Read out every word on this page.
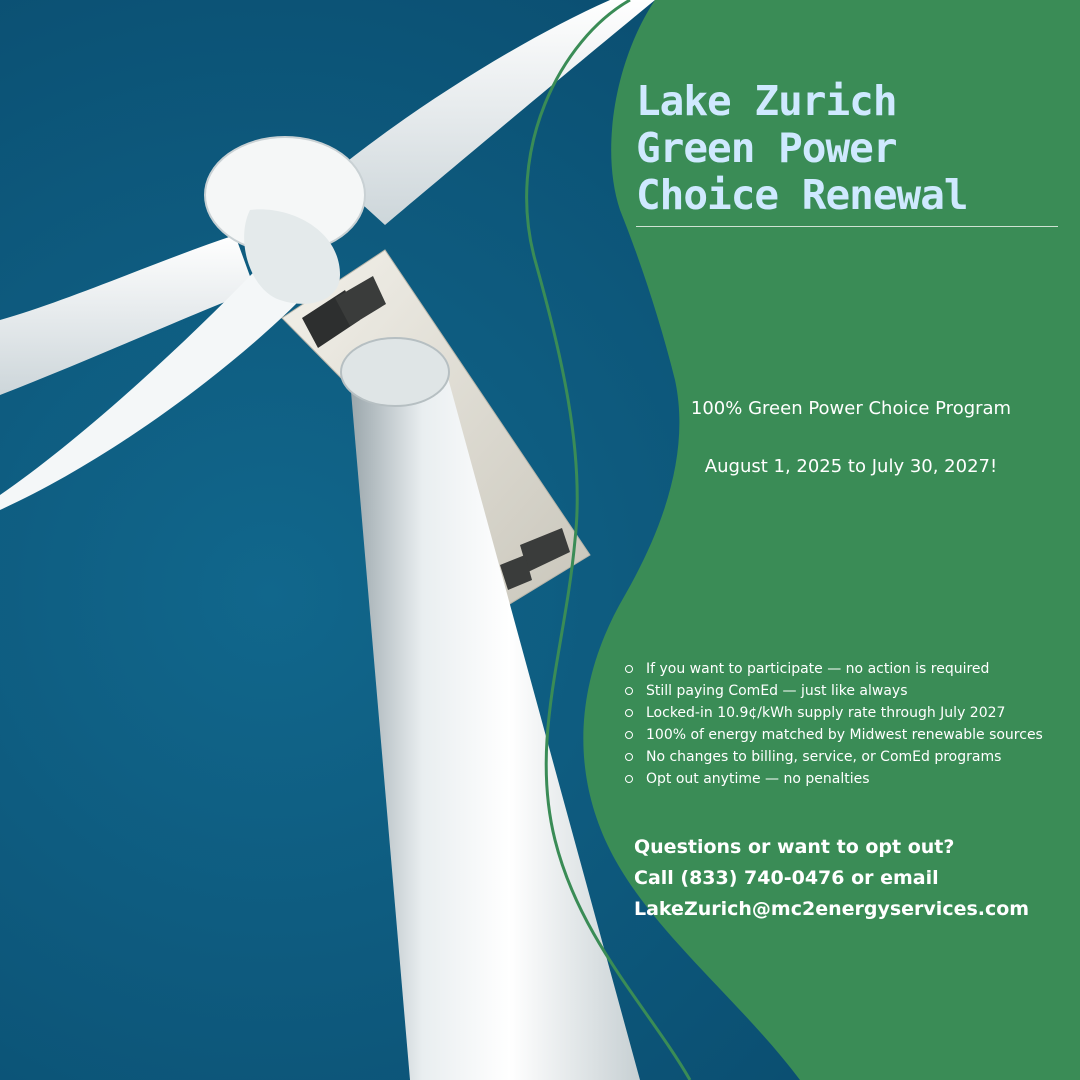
Lake Zurich
Green Power
Choice Renewal

100% Green Power Choice Program

August 1, 2025 to July 30, 2027!

If you want to participate — no action is required
Still paying ComEd — just like always
Locked-in 10.9¢/kWh supply rate through July 2027
100% of energy matched by Midwest renewable sources
No changes to billing, service, or ComEd programs
Opt out anytime — no penalties
Questions or want to opt out?
Call (833) 740-0476 or email
LakeZurich@mc2energyservices.com
